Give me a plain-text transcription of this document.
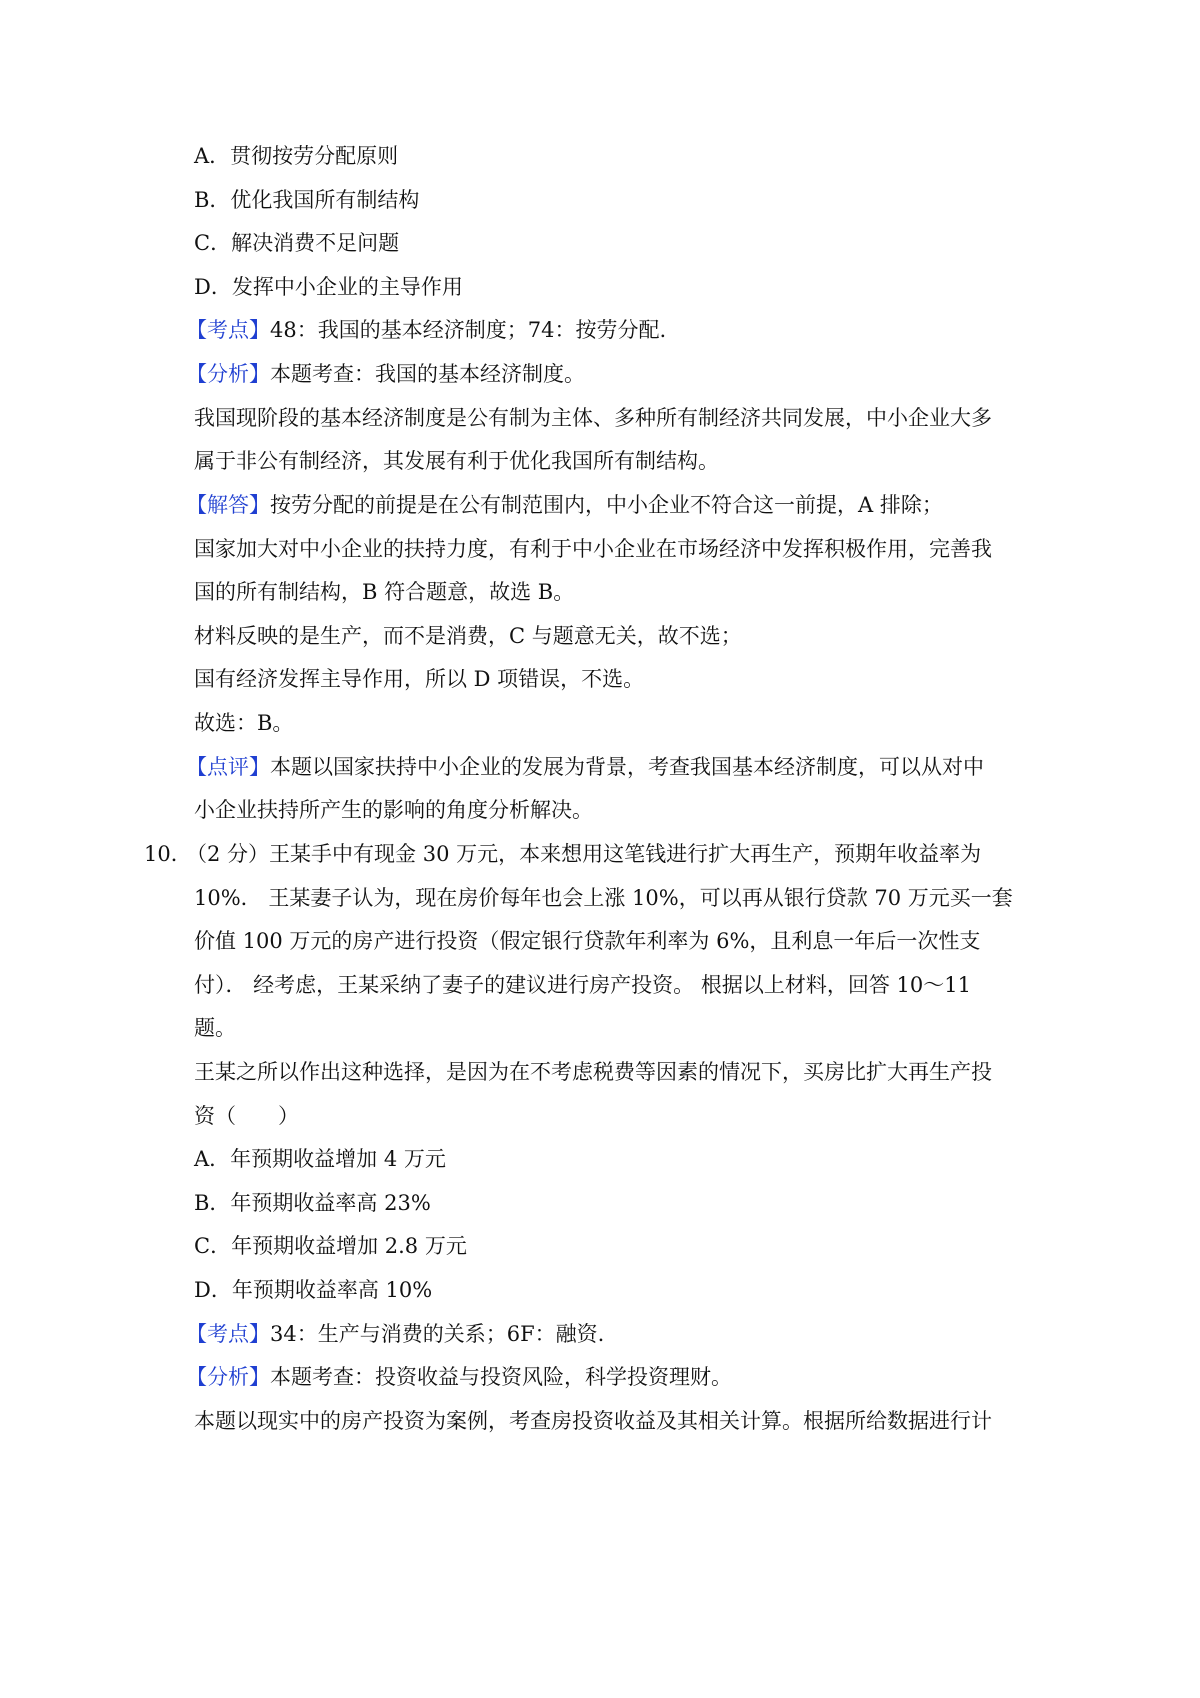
A．贯彻按劳分配原则
B．优化我国所有制结构
C．解决消费不足问题
D．发挥中小企业的主导作用
【考点】48：我国的基本经济制度；74：按劳分配.
【分析】本题考查：我国的基本经济制度。
我国现阶段的基本经济制度是公有制为主体、多种所有制经济共同发展，中小企业大多
属于非公有制经济，其发展有利于优化我国所有制结构。
【解答】按劳分配的前提是在公有制范围内，中小企业不符合这一前提，A 排除；
国家加大对中小企业的扶持力度，有利于中小企业在市场经济中发挥积极作用，完善我
国的所有制结构，B 符合题意，故选 B。
材料反映的是生产，而不是消费，C 与题意无关，故不选；
国有经济发挥主导作用，所以 D 项错误，不选。
故选：B。
【点评】本题以国家扶持中小企业的发展为背景，考查我国基本经济制度，可以从对中
小企业扶持所产生的影响的角度分析解决。
10．
（2 分）王某手中有现金 30 万元，本来想用这笔钱进行扩大再生产，预期年收益率为
10%． 王某妻子认为，现在房价每年也会上涨 10%，可以再从银行贷款 70 万元买一套
价值 100 万元的房产进行投资（假定银行贷款年利率为 6%，且利息一年后一次性支
付）． 经考虑，王某采纳了妻子的建议进行房产投资。 根据以上材料，回答 10～11
题。
王某之所以作出这种选择，是因为在不考虑税费等因素的情况下，买房比扩大再生产投
资（　　）
A．年预期收益增加 4 万元
B．年预期收益率高 23%
C．年预期收益增加 2.8 万元
D．年预期收益率高 10%
【考点】34：生产与消费的关系；6F：融资.
【分析】本题考查：投资收益与投资风险，科学投资理财。
本题以现实中的房产投资为案例，考查房投资收益及其相关计算。根据所给数据进行计
